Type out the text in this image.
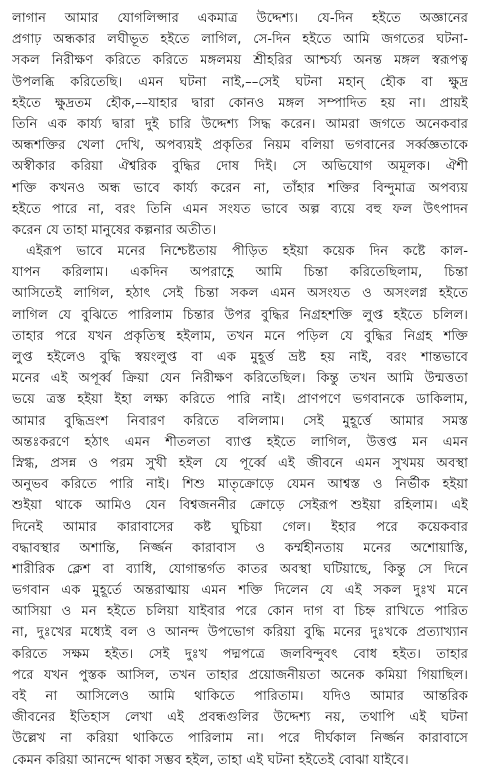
লাগান আমার যোগলিপ্সার একমাত্র উদ্দেশ্য। যে-দিন হইতে অজ্ঞানের
প্রগাঢ় অন্ধকার লঘীভূত হইতে লাগিল, সে-দিন হইতে আমি জগতের ঘটনা-
সকল নিরীক্ষণ করিতে করিতে মঙ্গলময় শ্রীহরির আশ্চর্য্য অনন্ত মঙ্গল স্বরূপত্ব
উপলব্ধি করিতেছি। এমন ঘটনা নাই,––সেই ঘটনা মহান্‌ হৌক বা ক্ষুদ্র
হইতে ক্ষুদ্রতম হৌক,––যাহার দ্বারা কোনও মঙ্গল সম্পাদিত হয় না। প্রায়ই
তিনি এক কার্য্য দ্বারা দুই চারি উদ্দেশ্য সিদ্ধ করেন। আমরা জগতে অনেকবার
অন্ধশক্তির খেলা দেখি, অপব্যয়ই প্রকৃতির নিয়ম বলিয়া ভগবানের সর্ব্বজ্ঞতাকে
অস্বীকার করিয়া ঐশ্বরিক বুদ্ধির দোষ দিই। সে অভিযোগ অমূলক। ঐশী
শক্তি কখনও অন্ধ ভাবে কার্য্য করেন না, তাঁহার শক্তির বিন্দুমাত্র অপব্যয়
হইতে পারে না, বরং তিনি এমন সংযত ভাবে অল্প ব্যয়ে বহু ফল উৎপাদন
করেন যে তাহা মানুষের কল্পনার অতীত।
এইরূপ ভাবে মনের নিশ্চেষ্টতায় পীড়িত হইয়া কয়েক দিন কষ্টে কাল-
যাপন করিলাম। একদিন অপরাহ্ণে আমি চিন্তা করিতেছিলাম, চিন্তা
আসিতেই লাগিল, হঠাৎ সেই চিন্তা সকল এমন অসংযত ও অসংলগ্ন হইতে
লাগিল যে বুঝিতে পারিলাম চিন্তার উপর বুদ্ধির নিগ্রহশক্তি লুপ্ত হইতে চলিল।
তাহার পরে যখন প্রকৃতিস্থ হইলাম, তখন মনে পড়িল যে বুদ্ধির নিগ্রহ শক্তি
লুপ্ত হইলেও বুদ্ধি স্বয়ংলুপ্ত বা এক মুহূর্ত্ত ভ্রষ্ট হয় নাই, বরং শান্তভাবে
মনের এই অপূর্ব্ব ক্রিয়া যেন নিরীক্ষণ করিতেছিল। কিন্তু তখন আমি উন্মত্ততা
ভয়ে ত্রস্ত হইয়া ইহা লক্ষ্য করিতে পারি নাই। প্রাণপণে ভগবানকে ডাকিলাম,
আমার বুদ্ধিভ্রংশ নিবারণ করিতে বলিলাম। সেই মুহূর্ত্তে আমার সমস্ত
অন্তঃকরণে হঠাৎ এমন শীতলতা ব্যাপ্ত হইতে লাগিল, উত্তপ্ত মন এমন
স্নিগ্ধ, প্রসন্ন ও পরম সুখী হইল যে পূর্ব্বে এই জীবনে এমন সুখময় অবস্থা
অনুভব করিতে পারি নাই। শিশু মাতৃক্রোড়ে যেমন আশ্বস্ত ও নির্ভীক হইয়া
শুইয়া থাকে আমিও যেন বিশ্বজননীর ক্রোড়ে সেইরূপ শুইয়া রহিলাম। এই
দিনেই আমার কারাবাসের কষ্ট ঘুচিয়া গেল। ইহার পরে কয়েকবার
বদ্ধাবস্থার অশান্তি, নির্জ্জন কারাবাস ও কর্ম্মহীনতায় মনের অশোয়াস্তি,
শারীরিক ক্লেশ বা ব্যাধি, যোগান্তর্গত কাতর অবস্থা ঘটিয়াছে, কিন্তু সে দিনে
ভগবান এক মুহূর্তে অন্তরাত্মায় এমন শক্তি দিলেন যে এই সকল দুঃখ মনে
আসিয়া ও মন হইতে চলিয়া যাইবার পরে কোন দাগ বা চিহ্ন রাখিতে পারিত
না, দুঃখের মধ্যেই বল ও আনন্দ উপভোগ করিয়া বুদ্ধি মনের দুঃখকে প্রত্যাখ্যান
করিতে সক্ষম হইত। সেই দুঃখ পদ্মপত্রে জলবিন্দুবৎ বোধ হইত। তাহার
পরে যখন পুস্তক আসিল, তখন তাহার প্রয়োজনীয়তা অনেক কমিয়া গিয়াছিল।
বই না আসিলেও আমি থাকিতে পারিতাম। যদিও আমার আন্তরিক
জীবনের ইতিহাস লেখা এই প্রবন্ধগুলির উদ্দেশ্য নয়, তথাপি এই ঘটনা
উল্লেখ না করিয়া থাকিতে পারিলাম না। পরে দীর্ঘকাল নির্জ্জন কারাবাসে
কেমন করিয়া আনন্দে থাকা সম্ভব হইল, তাহা এই ঘটনা হইতেই বোঝা যাইবে।
